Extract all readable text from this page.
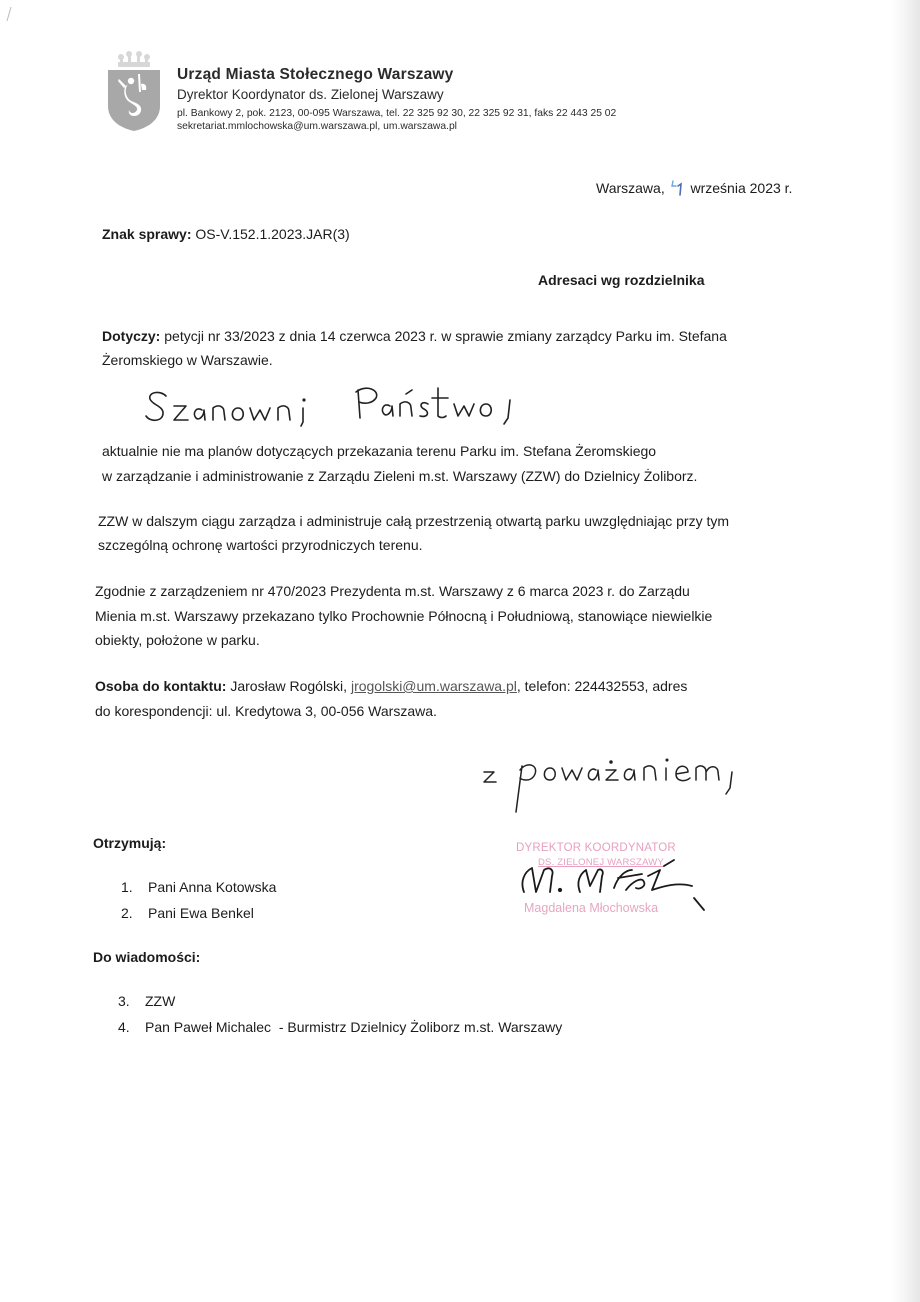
Urząd Miasta Stołecznego Warszawy
Dyrektor Koordynator ds. Zielonej Warszawy
pl. Bankowy 2, pok. 2123, 00-095 Warszawa, tel. 22 325 92 30, 22 325 92 31, faks 22 443 25 02
sekretariat.mmlochowska@um.warszawa.pl, um.warszawa.pl
Warszawa, września 2023 r.
Znak sprawy: OS-V.152.1.2023.JAR(3)
Adresaci wg rozdzielnika
Dotyczy: petycji nr 33/2023 z dnia 14 czerwca 2023 r. w sprawie zmiany zarządcy Parku im. Stefana
Żeromskiego w Warszawie.
aktualnie nie ma planów dotyczących przekazania terenu Parku im. Stefana Żeromskiego
w zarządzanie i administrowanie z Zarządu Zieleni m.st. Warszawy (ZZW) do Dzielnicy Żoliborz.
ZZW w dalszym ciągu zarządza i administruje całą przestrzenią otwartą parku uwzględniając przy tym
szczególną ochronę wartości przyrodniczych terenu.
Zgodnie z zarządzeniem nr 470/2023 Prezydenta m.st. Warszawy z 6 marca 2023 r. do Zarządu
Mienia m.st. Warszawy przekazano tylko Prochownie Północną i Południową, stanowiące niewielkie
obiekty, położone w parku.
Osoba do kontaktu: Jarosław Rogólski, jrogolski@um.warszawa.pl, telefon: 224432553, adres
do korespondencji: ul. Kredytowa 3, 00-056 Warszawa.
Otrzymują:
1. Pani Anna Kotowska
2. Pani Ewa Benkel
Do wiadomości:
3. ZZW
4. Pan Paweł Michalec  - Burmistrz Dzielnicy Żoliborz m.st. Warszawy
DYREKTOR KOORDYNATOR
DS. ZIELONEJ WARSZAWY
Magdalena Młochowska
